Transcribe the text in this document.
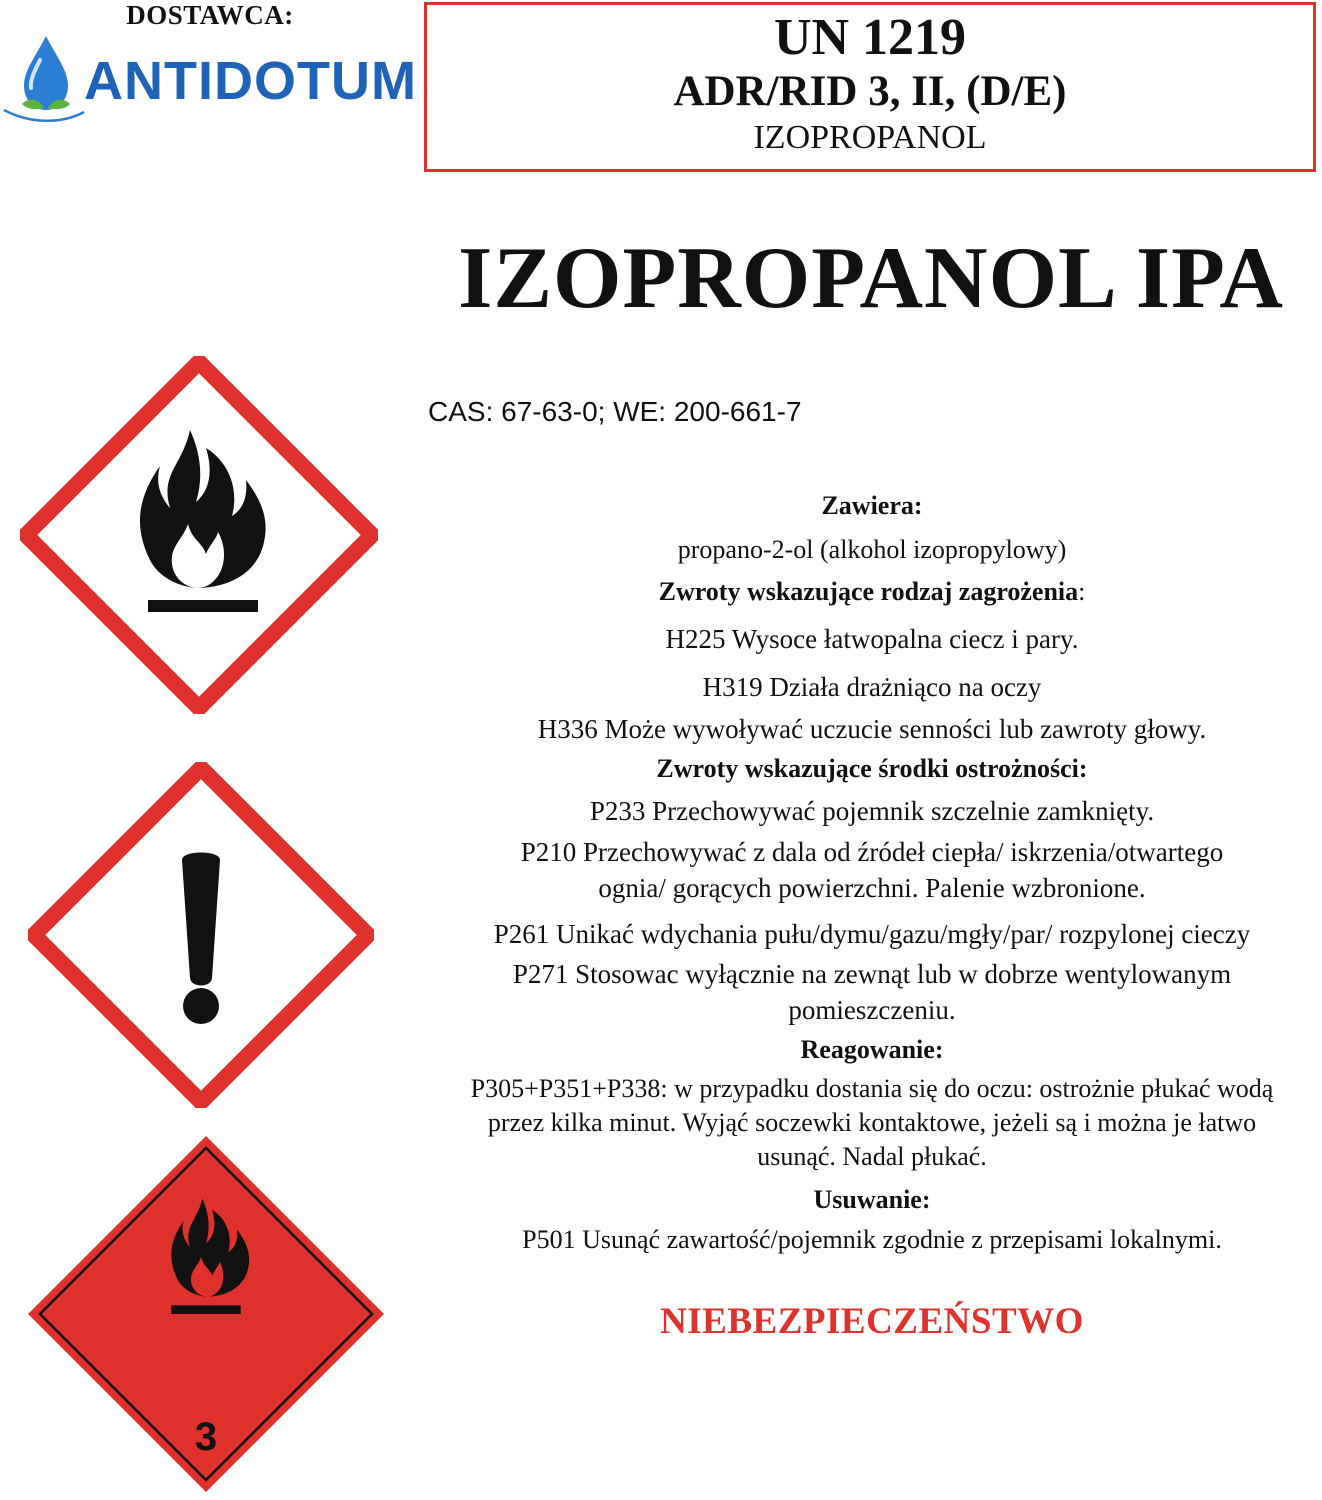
DOSTAWCA:
ANTIDOTUM
UN 1219
ADR/RID 3, II, (D/E)
IZOPROPANOL
IZOPROPANOL IPA
CAS: 67-63-0; WE: 200-661-7
3
Zawiera:
propano-2-ol (alkohol izopropylowy)
Zwroty wskazujące rodzaj zagrożenia:
H225 Wysoce łatwopalna ciecz i pary.
H319 Działa drażniąco na oczy
H336 Może wywoływać uczucie senności lub zawroty głowy.
Zwroty wskazujące środki ostrożności:
P233 Przechowywać pojemnik szczelnie zamknięty.
P210 Przechowywać z dala od źródeł ciepła/ iskrzenia/otwartego
ognia/ gorących powierzchni. Palenie wzbronione.
P261 Unikać wdychania pułu/dymu/gazu/mgły/par/ rozpylonej cieczy
P271 Stosowac wyłącznie na zewnąt lub w dobrze wentylowanym
pomieszczeniu.
Reagowanie:
P305+P351+P338: w przypadku dostania się do oczu: ostrożnie płukać wodą
przez kilka minut. Wyjąć soczewki kontaktowe, jeżeli są i można je łatwo
usunąć. Nadal płukać.
Usuwanie:
P501 Usunąć zawartość/pojemnik zgodnie z przepisami lokalnymi.
NIEBEZPIECZEŃSTWO
